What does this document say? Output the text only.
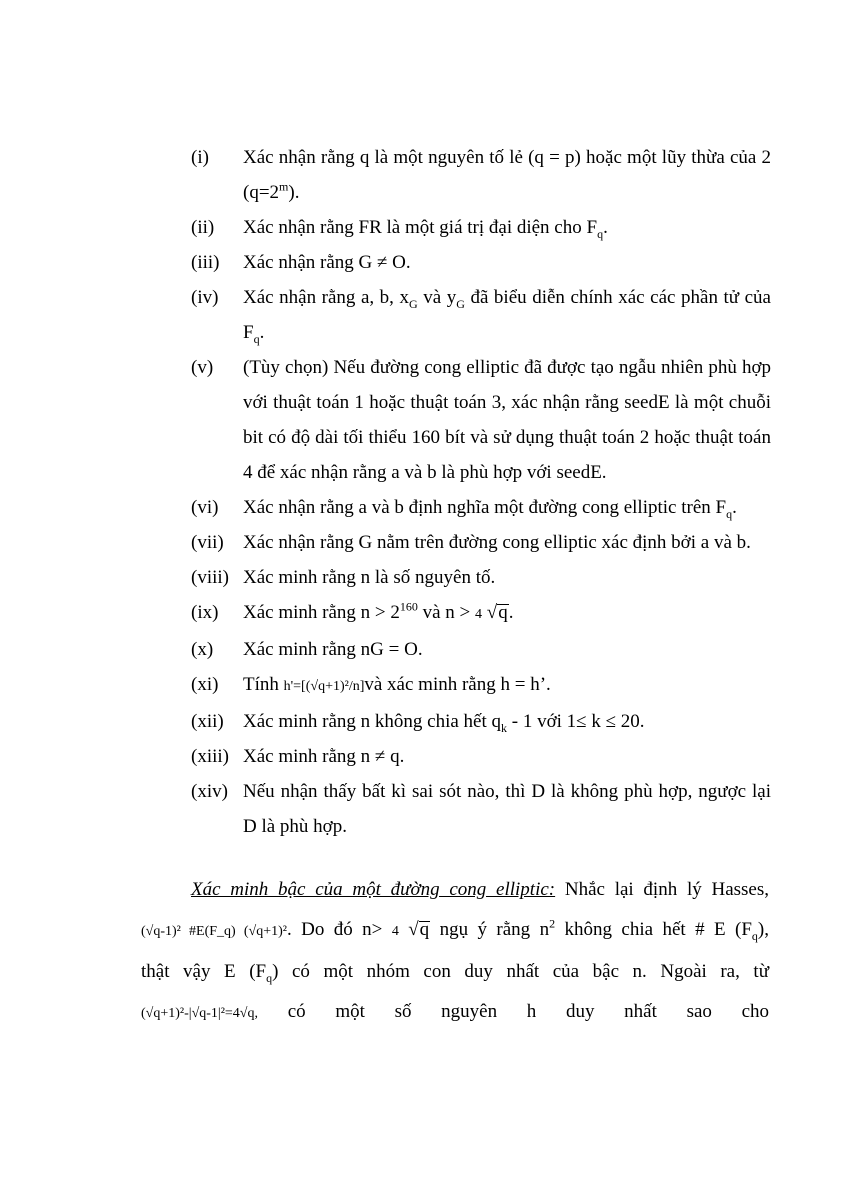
(i)	Xác nhận rằng q là một nguyên tố lẻ (q = p) hoặc một lũy thừa của 2 $(q=2^m)$.
(ii)	Xác nhận rằng FR là một giá trị đại diện cho $F_q$.
(iii)	Xác nhận rằng G ≠ O.
(iv)	Xác nhận rằng a, b, $x_G$ và $y_G$ đã biểu diễn chính xác các phần tử của $F_q$.
(v)	(Tùy chọn) Nếu đường cong elliptic đã được tạo ngẫu nhiên phù hợp với thuật toán 1 hoặc thuật toán 3, xác nhận rằng seedE là một chuỗi bit có độ dài tối thiểu 160 bít và sử dụng thuật toán 2 hoặc thuật toán 4 để xác nhận rằng a và b là phù hợp với seedE.
(vi)	Xác nhận rằng a và b định nghĩa một đường cong elliptic trên $F_q$.
(vii)	Xác nhận rằng G nằm trên đường cong elliptic xác định bởi a và b.
(viii) Xác minh rằng n là số nguyên tố.
(ix)	Xác minh rằng $n > 2^{160}$ và n > 4 √q.
(x)	Xác minh rằng nG = O.
(xi)	Tính h'=[(√q+1)²/n]và xác minh rằng h = h’.
(xii)	Xác minh rằng n không chia hết $q_k - 1$ với 1≤ k ≤ 20.
(xiii) Xác minh rằng n ≠ q.
(xiv) Nếu nhận thấy bất kì sai sót nào, thì D là không phù hợp, ngược lại D là phù hợp.
Xác minh bậc của một đường cong elliptic: Nhắc lại định lý Hasses,
(√q-1)² #E(F_q) (√q+1)². Do đó n> 4 √q ngụ ý rằng $n^2$ không chia hết # E $(F_q)$,
thật vậy E $(F_q)$ có một nhóm con duy nhất của bậc n. Ngoài ra, từ
(√q+1)²-|√q-1|²=4√q, có một số nguyên h duy nhất sao cho
